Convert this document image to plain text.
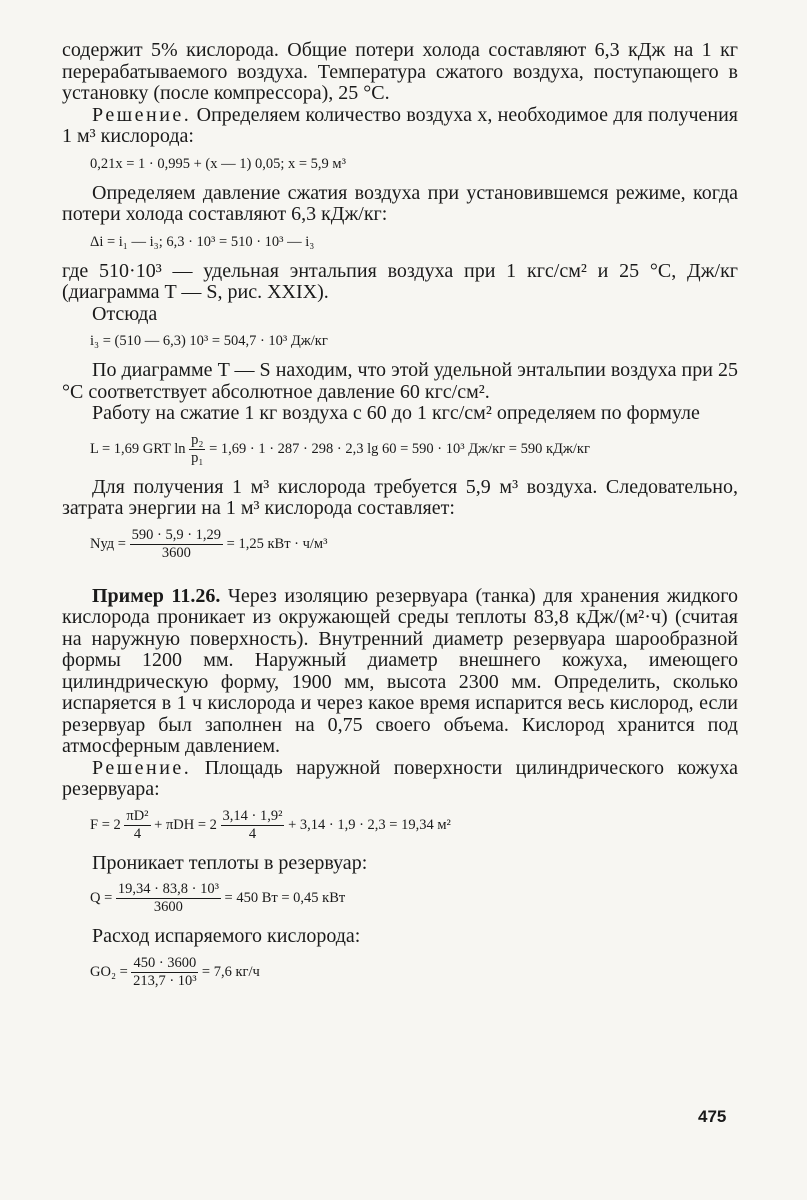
содержит 5% кислорода. Общие потери холода составляют 6,3 кДж на 1 кг перерабатываемого воздуха. Температура сжатого воздуха, поступающего в установку (после компрессора), 25 °C.

Решение. Определяем количество воздуха x, необходимое для получения 1 м³ кислорода:

0,21x = 1 · 0,995 + (x — 1) 0,05; x = 5,9 м³

Определяем давление сжатия воздуха при установившемся режиме, когда потери холода составляют 6,3 кДж/кг:

Δi = i₁ — i₃; 6,3 · 10³ = 510 · 10³ — i₃

где 510·10³ — удельная энтальпия воздуха при 1 кгс/см² и 25 °C, Дж/кг (диаграмма T — S, рис. XXIX).

Отсюда

i₃ = (510 — 6,3) 10³ = 504,7 · 10³ Дж/кг

По диаграмме T — S находим, что этой удельной энтальпии воздуха при 25 °C соответствует абсолютное давление 60 кгс/см².

Работу на сжатие 1 кг воздуха с 60 до 1 кгс/см² определяем по формуле

L = 1,69 GRT $\ln \frac{\text{p₂}}{\text{p₁}} = 1,69 \cdot 1 \cdot 287 \cdot 298 \cdot 2,3$ lg 60 = 590 · 10³ Дж/кг = 590 кДж/кг

Для получения 1 м³ кислорода требуется 5,9 м³ воздуха. Следовательно, затрата энергии на 1 м³ кислорода составляет:

Nуд = $\frac{590 \cdot 5,9 \cdot 1,29}{3600} = 1,25$ кВт · ч/м³

Пример 11.26. Через изоляцию резервуара (танка) для хранения жидкого кислорода проникает из окружающей среды теплоты 83,8 кДж/(м²·ч) (считая на наружную поверхность). Внутренний диаметр резервуара шарообразной формы 1200 мм. Наружный диаметр внешнего кожуха, имеющего цилиндрическую форму, 1900 мм, высота 2300 мм. Определить, сколько испаряется в 1 ч кислорода и через какое время испарится весь кислород, если резервуар был заполнен на 0,75 своего объема. Кислород хранится под атмосферным давлением.

Решение. Площадь наружной поверхности цилиндрического кожуха резервуара:

$F = 2 \frac{\text{πD²}}{4} + \pi DH = 2 \frac{\text{3,14 · 1,9²}}{4} + 3,14 \cdot 1,9 \cdot 2,3 = 19,34$ м²

Проникает теплоты в резервуар:

$Q = \frac{\text{19,34 · 83,8 · 10³}}{3600} = 450$ Вт = 0,45 кВт

Расход испаряемого кислорода:

$GO_2 = \frac{450 \cdot 3600}{\text{213,7 · 10³}} = 7,6$ кг/ч
475
